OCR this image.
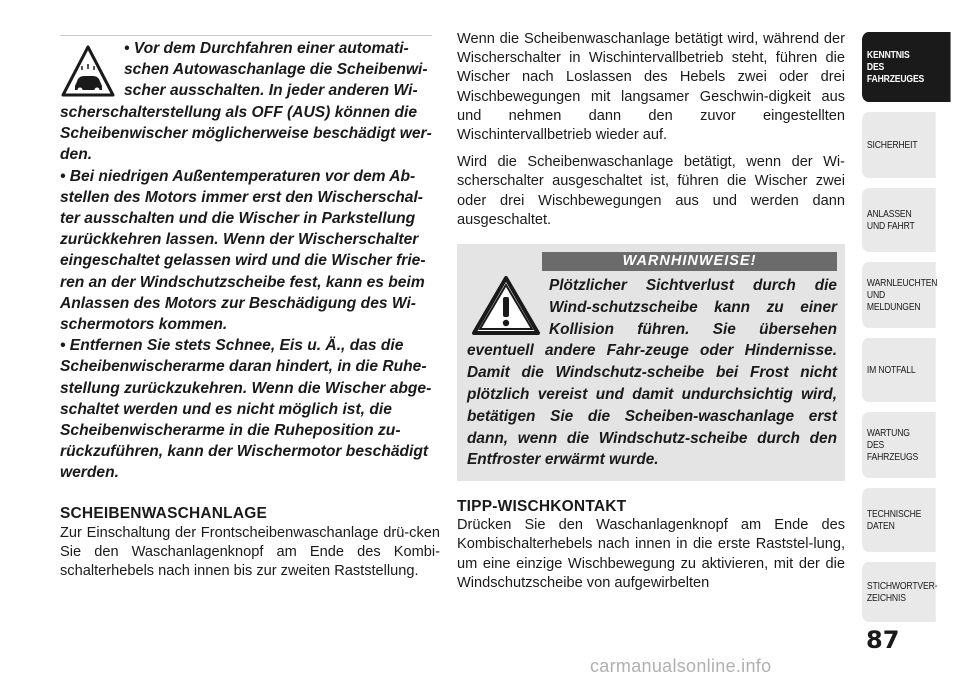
• Vor dem Durchfahren einer automati-

schen Autowaschanlage die Scheibenwi-

scher ausschalten. In jeder anderen Wi-

scherschalterstellung als OFF (AUS) können die

Scheibenwischer möglicherweise beschädigt wer-

den.

• Bei niedrigen Außentemperaturen vor dem Ab-

stellen des Motors immer erst den Wischerschal-

ter ausschalten und die Wischer in Parkstellung

zurückkehren lassen. Wenn der Wischerschalter

eingeschaltet gelassen wird und die Wischer frie-

ren an der Windschutzscheibe fest, kann es beim

Anlassen des Motors zur Beschädigung des Wi-

schermotors kommen.

• Entfernen Sie stets Schnee, Eis u. Ä., das die

Scheibenwischerarme daran hindert, in die Ruhe-

stellung zurückzukehren. Wenn die Wischer abge-

schaltet werden und es nicht möglich ist, die

Scheibenwischerarme in die Ruheposition zu-

rückzuführen, kann der Wischermotor beschädigt

werden.

SCHEIBENWASCHANLAGE

Zur Einschaltung der Frontscheibenwaschanlage drü-cken Sie den Waschanlagenknopf am Ende des Kombi-schalterhebels nach innen bis zur zweiten Raststellung.

Wenn die Scheibenwaschanlage betätigt wird, während der Wischerschalter in Wischintervallbetrieb steht, führen die Wischer nach Loslassen des Hebels zwei oder drei Wischbewegungen mit langsamer Geschwin-digkeit aus und nehmen dann den zuvor eingestellten Wischintervallbetrieb wieder auf.

Wird die Scheibenwaschanlage betätigt, wenn der Wi-scherschalter ausgeschaltet ist, führen die Wischer zwei oder drei Wischbewegungen aus und werden dann ausgeschaltet.

WARNHINWEISE!

Plötzlicher Sichtverlust durch die Wind-schutzscheibe kann zu einer Kollision führen. Sie übersehen eventuell andere Fahr-zeuge oder Hindernisse. Damit die Windschutz-scheibe bei Frost nicht plötzlich vereist und damit undurchsichtig wird, betätigen Sie die Scheiben-waschanlage erst dann, wenn die Windschutz-scheibe durch den Entfroster erwärmt wurde.

TIPP-WISCHKONTAKT

Drücken Sie den Waschanlagenknopf am Ende des Kombischalterhebels nach innen in die erste Raststel-lung, um eine einzige Wischbewegung zu aktivieren, mit der die Windschutzscheibe von aufgewirbelten

KENNTNIS
DES
FAHRZEUGES
SICHERHEIT
ANLASSEN
UND FAHRT
WARNLEUCHTEN
UND
MELDUNGEN
IM NOTFALL
WARTUNG
DES
FAHRZEUGS
TECHNISCHE
DATEN
STICHWORTVER-
ZEICHNIS
87
carmanualsonline.info
